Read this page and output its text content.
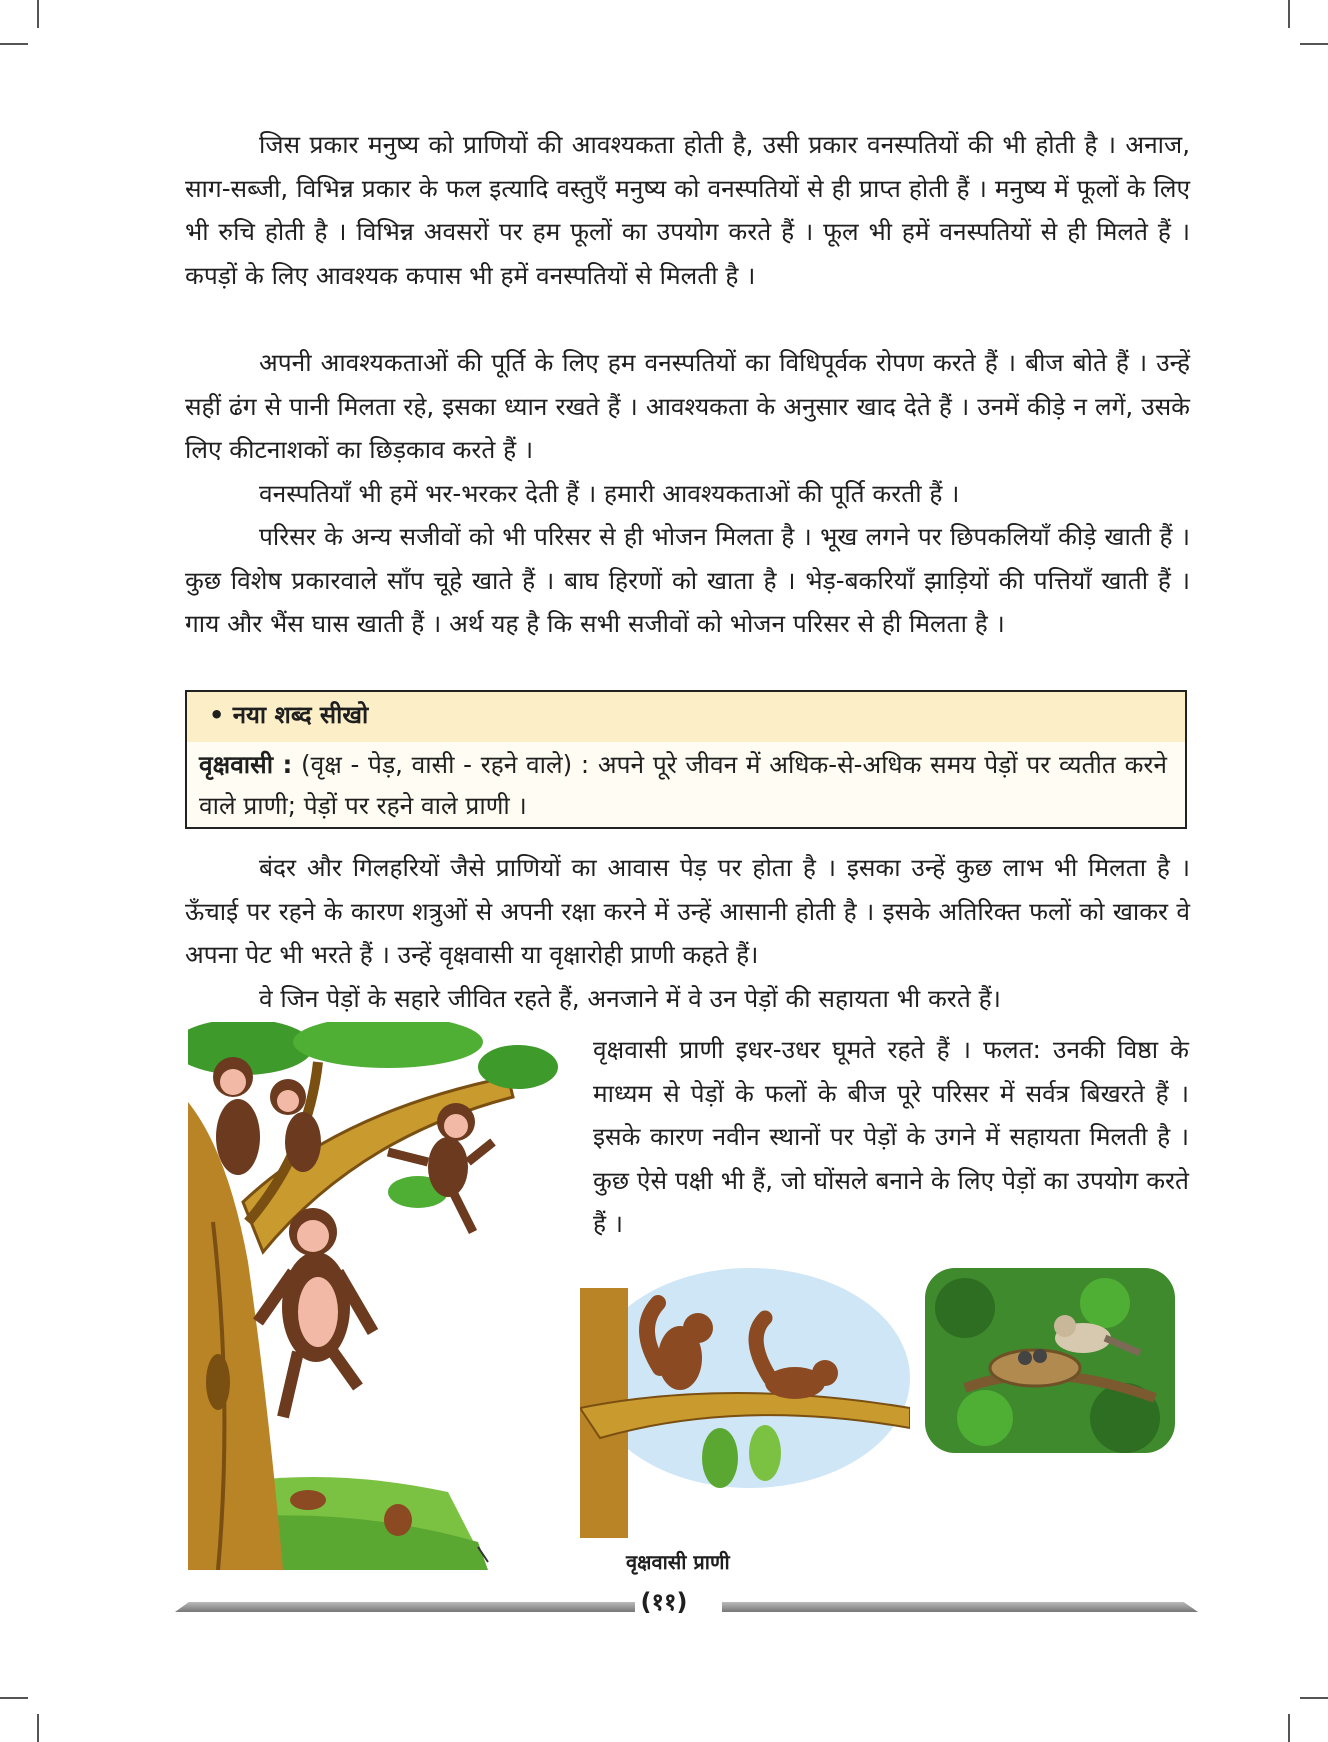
जिस प्रकार मनुष्य को प्राणियों की आवश्यकता होती है, उसी प्रकार वनस्पतियों की भी होती है । अनाज, साग-सब्जी, विभिन्न प्रकार के फल इत्यादि वस्तुएँ मनुष्य को वनस्पतियों से ही प्राप्त होती हैं । मनुष्य में फूलों के लिए भी रुचि होती है । विभिन्न अवसरों पर हम फूलों का उपयोग करते हैं । फूल भी हमें वनस्पतियों से ही मिलते हैं । कपड़ों के लिए आवश्यक कपास भी हमें वनस्पतियों से मिलती है ।

अपनी आवश्यकताओं की पूर्ति के लिए हम वनस्पतियों का विधिपूर्वक रोपण करते हैं । बीज बोते हैं । उन्हें सहीं ढंग से पानी मिलता रहे, इसका ध्यान रखते हैं । आवश्यकता के अनुसार खाद देते हैं । उनमें कीड़े न लगें, उसके लिए कीटनाशकों का छिड़काव करते हैं ।

वनस्पतियाँ भी हमें भर-भरकर देती हैं । हमारी आवश्यकताओं की पूर्ति करती हैं ।

परिसर के अन्य सजीवों को भी परिसर से ही भोजन मिलता है । भूख लगने पर छिपकलियाँ कीड़े खाती हैं । कुछ विशेष प्रकारवाले साँप चूहे खाते हैं । बाघ हिरणों को खाता है । भेड़-बकरियाँ झाड़ियों की पत्तियाँ खाती हैं । गाय और भैंस घास खाती हैं । अर्थ यह है कि सभी सजीवों को भोजन परिसर से ही मिलता है ।

• नया शब्द सीखो
वृक्षवासी : (वृक्ष - पेड़, वासी - रहने वाले) : अपने पूरे जीवन में अधिक-से-अधिक समय पेड़ों पर व्यतीत करने वाले प्राणी; पेड़ों पर रहने वाले प्राणी ।

बंदर और गिलहरियों जैसे प्राणियों का आवास पेड़ पर होता है । इसका उन्हें कुछ लाभ भी मिलता है । ऊँचाई पर रहने के कारण शत्रुओं से अपनी रक्षा करने में उन्हें आसानी होती है । इसके अतिरिक्त फलों को खाकर वे अपना पेट भी भरते हैं । उन्हें वृक्षवासी या वृक्षारोही प्राणी कहते हैं।

वे जिन पेड़ों के सहारे जीवित रहते हैं, अनजाने में वे उन पेड़ों की सहायता भी करते हैं।

वृक्षवासी प्राणी इधर-उधर घूमते रहते हैं । फलत: उनकी विष्ठा के माध्यम से पेड़ों के फलों के बीज पूरे परिसर में सर्वत्र बिखरते हैं । इसके कारण नवीन स्थानों पर पेड़ों के उगने में सहायता मिलती है । कुछ ऐसे पक्षी भी हैं, जो घोंसले बनाने के लिए पेड़ों का उपयोग करते हैं ।

वृक्षवासी प्राणी
(११)
